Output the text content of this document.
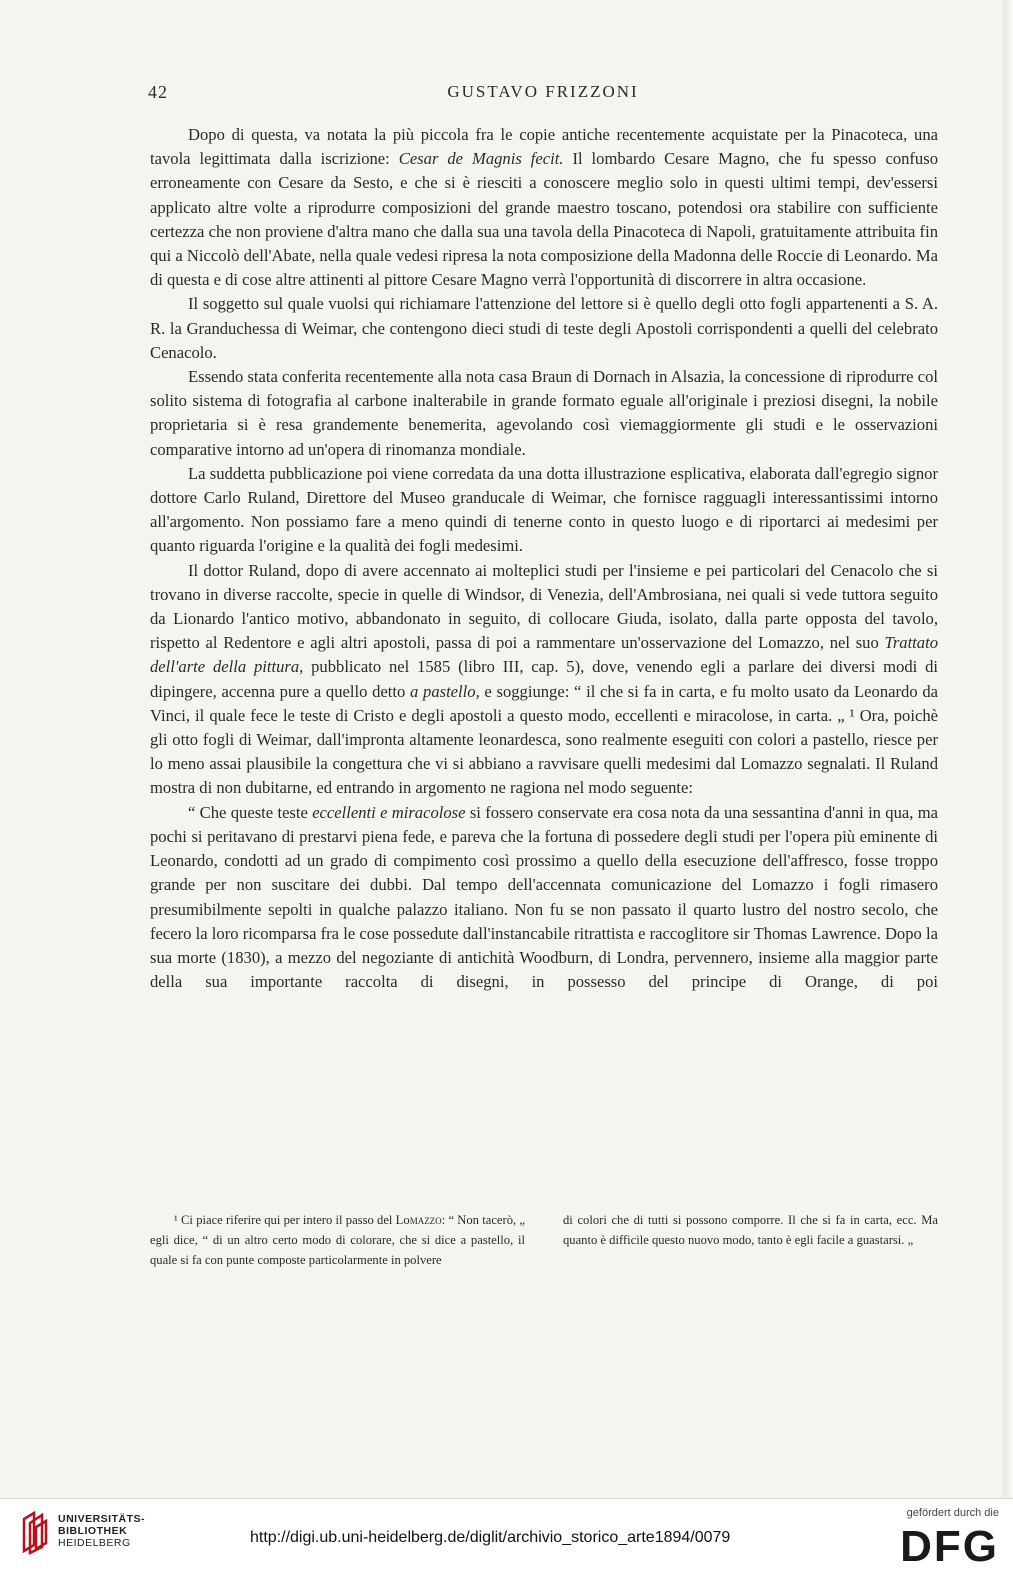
42	GUSTAVO FRIZZONI

Dopo di questa, va notata la più piccola fra le copie antiche recentemente acquistate per la Pinacoteca, una tavola legittimata dalla iscrizione: Cesar de Magnis fecit. Il lombardo Cesare Magno, che fu spesso confuso erroneamente con Cesare da Sesto, e che si è riesciti a conoscere meglio solo in questi ultimi tempi, dev'essersi applicato altre volte a riprodurre composizioni del grande maestro toscano, potendosi ora stabilire con sufficiente certezza che non proviene d'altra mano che dalla sua una tavola della Pinacoteca di Napoli, gratuitamente attribuita fin qui a Niccolò dell'Abate, nella quale vedesi ripresa la nota composizione della Madonna delle Roccie di Leonardo. Ma di questa e di cose altre attinenti al pittore Cesare Magno verrà l'opportunità di discorrere in altra occasione.

Il soggetto sul quale vuolsi qui richiamare l'attenzione del lettore si è quello degli otto fogli appartenenti a S. A. R. la Granduchessa di Weimar, che contengono dieci studi di teste degli Apostoli corrispondenti a quelli del celebrato Cenacolo.

Essendo stata conferita recentemente alla nota casa Braun di Dornach in Alsazia, la concessione di riprodurre col solito sistema di fotografia al carbone inalterabile in grande formato eguale all'originale i preziosi disegni, la nobile proprietaria si è resa grandemente benemerita, agevolando così viemaggiormente gli studi e le osservazioni comparative intorno ad un'opera di rinomanza mondiale.

La suddetta pubblicazione poi viene corredata da una dotta illustrazione esplicativa, elaborata dall'egregio signor dottore Carlo Ruland, Direttore del Museo granducale di Weimar, che fornisce ragguagli interessantissimi intorno all'argomento. Non possiamo fare a meno quindi di tenerne conto in questo luogo e di riportarci ai medesimi per quanto riguarda l'origine e la qualità dei fogli medesimi.

Il dottor Ruland, dopo di avere accennato ai molteplici studi per l'insieme e pei particolari del Cenacolo che si trovano in diverse raccolte, specie in quelle di Windsor, di Venezia, dell'Ambrosiana, nei quali si vede tuttora seguito da Lionardo l'antico motivo, abbandonato in seguito, di collocare Giuda, isolato, dalla parte opposta del tavolo, rispetto al Redentore e agli altri apostoli, passa di poi a rammentare un'osservazione del Lomazzo, nel suo Trattato dell'arte della pittura, pubblicato nel 1585 (libro III, cap. 5), dove, venendo egli a parlare dei diversi modi di dipingere, accenna pure a quello detto a pastello, e soggiunge: “ il che si fa in carta, e fu molto usato da Leonardo da Vinci, il quale fece le teste di Cristo e degli apostoli a questo modo, eccellenti e miracolose, in carta. „ ¹ Ora, poichè gli otto fogli di Weimar, dall'impronta altamente leonardesca, sono realmente eseguiti con colori a pastello, riesce per lo meno assai plausibile la congettura che vi si abbiano a ravvisare quelli medesimi dal Lomazzo segnalati. Il Ruland mostra di non dubitarne, ed entrando in argomento ne ragiona nel modo seguente:

“ Che queste teste eccellenti e miracolose si fossero conservate era cosa nota da una sessantina d'anni in qua, ma pochi si peritavano di prestarvi piena fede, e pareva che la fortuna di possedere degli studi per l'opera più eminente di Leonardo, condotti ad un grado di compimento così prossimo a quello della esecuzione dell'affresco, fosse troppo grande per non suscitare dei dubbi. Dal tempo dell'accennata comunicazione del Lomazzo i fogli rimasero presumibilmente sepolti in qualche palazzo italiano. Non fu se non passato il quarto lustro del nostro secolo, che fecero la loro ricomparsa fra le cose possedute dall'instancabile ritrattista e raccoglitore sir Thomas Lawrence. Dopo la sua morte (1830), a mezzo del negoziante di antichità Woodburn, di Londra, pervennero, insieme alla maggior parte della sua importante raccolta di disegni, in possesso del principe di Orange, di poi

¹ Ci piace riferire qui per intero il passo del Lomazzo: “ Non tacerò, „ egli dice, “ di un altro certo modo di colorare, che si dice a pastello, il quale si fa con punte composte particolarmente in polvere

di colori che di tutti si possono comporre. Il che si fa in carta, ecc. Ma quanto è difficile questo nuovo modo, tanto è egli facile a guastarsi. „

UNIVERSITÄTS-
BIBLIOTHEK
HEIDELBERG	http://digi.ub.uni-heidelberg.de/diglit/archivio_storico_arte1894/0079
gefördert durch die
DFG
